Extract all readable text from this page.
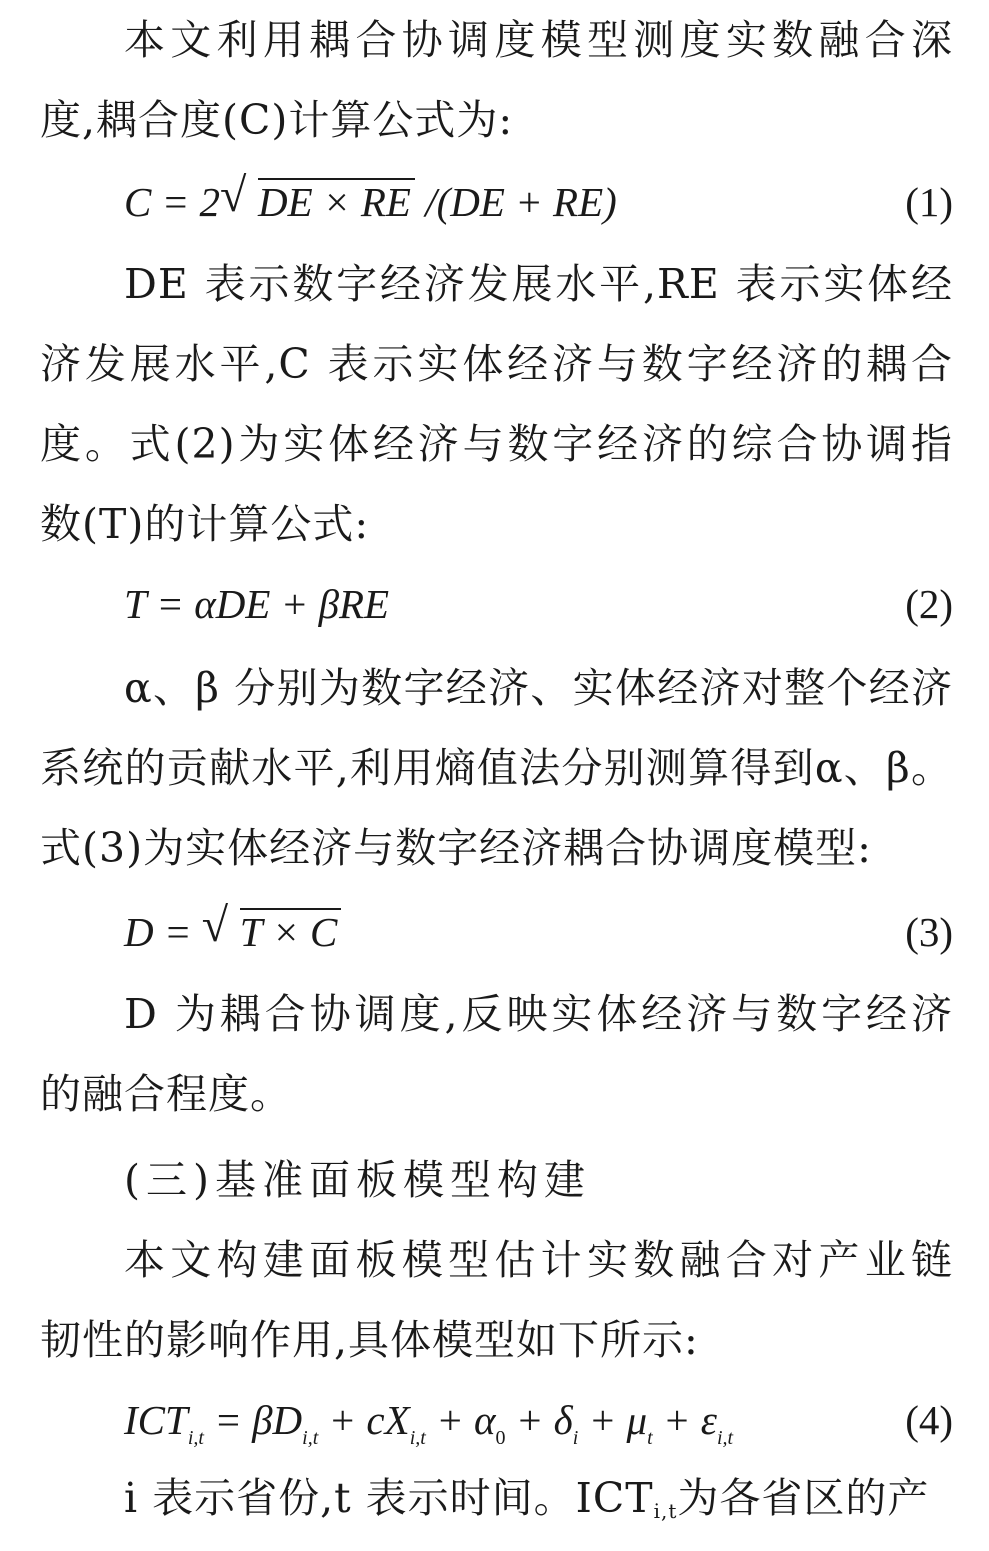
本文利用耦合协调度模型测度实数融合深
度,耦合度(C)计算公式为:
C = 2 √ DE × RE /(DE + RE)	(1)
DE 表示数字经济发展水平,RE 表示实体经
济发展水平,C 表示实体经济与数字经济的耦合
度。式(2)为实体经济与数字经济的综合协调指
数(T)的计算公式:
T = αDE + βRE	(2)
α、β 分别为数字经济、实体经济对整个经济
系统的贡献水平,利用熵值法分别测算得到α、β。
式(3)为实体经济与数字经济耦合协调度模型:
D = √ T × C	(3)
D 为耦合协调度,反映实体经济与数字经济
的融合程度。
(三)基准面板模型构建
本文构建面板模型估计实数融合对产业链
韧性的影响作用,具体模型如下所示:
$ICT_{i,t} = \beta D_{i,t} + cX_{i,t} + \alpha_0 + \delta_i + \mu_t + \varepsilon_{i,t}$	(4)
i 表示省份,t 表示时间。ICTi,t为各省区的产
